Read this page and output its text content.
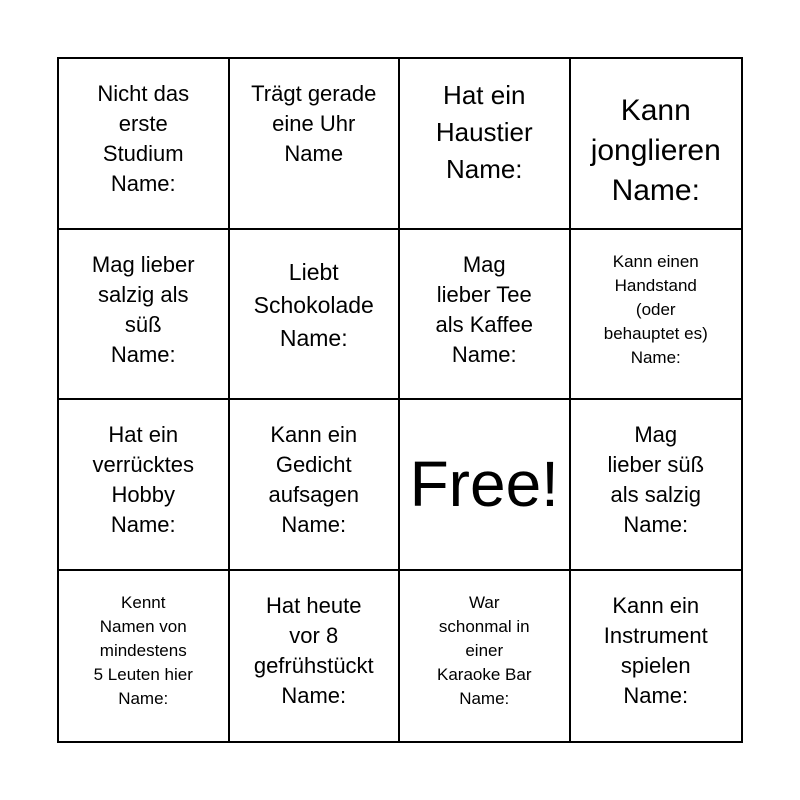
Nicht das
erste
Studium
Name:
Trägt gerade
eine Uhr
Name
Hat ein
Haustier
Name:
Kann
jonglieren
Name:
Mag lieber
salzig als
süß
Name:
Liebt
Schokolade
Name:
Mag
lieber Tee
als Kaffee
Name:
Kann einen
Handstand
(oder
behauptet es)
Name:
Hat ein
verrücktes
Hobby
Name:
Kann ein
Gedicht
aufsagen
Name:
Free!
Mag
lieber süß
als salzig
Name:
Kennt
Namen von
mindestens
5 Leuten hier
Name:
Hat heute
vor 8
gefrühstückt
Name:
War
schonmal in
einer
Karaoke Bar
Name:
Kann ein
Instrument
spielen
Name:
